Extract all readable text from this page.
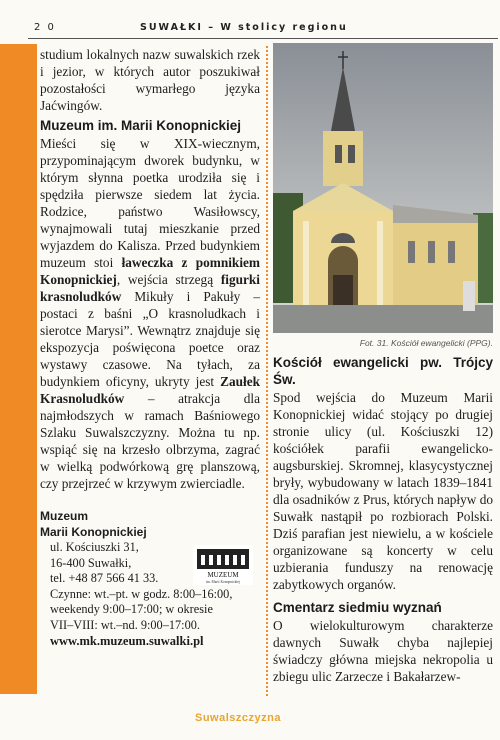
2 0	SUWAŁKI – W stolicy regionu

studium lokalnych nazw suwalskich rzek i jezior, w których autor poszukiwał pozostałości wymarłego języka Jaćwingów.

Muzeum im. Marii Konopnickiej

Mieści się w XIX-wiecznym, przypominającym dworek budynku, w którym słynna poetka urodziła się i spędziła pierwsze siedem lat życia. Rodzice, państwo Wasiłowscy, wynajmowali tutaj mieszkanie przed wyjazdem do Kalisza. Przed budynkiem muzeum stoi ławeczka z pomnikiem Konopnickiej, wejścia strzegą figurki krasnoludków Mikuły i Pakuły – postaci z baśni „O krasnoludkach i sierotce Marysi”. Wewnątrz znajduje się ekspozycja poświęcona poetce oraz wystawy czasowe. Na tyłach, za budynkiem oficyny, ukryty jest Zaułek Krasnoludków – atrakcja dla najmłodszych w ramach Baśniowego Szlaku Suwalszczyzny. Można tu np. wspiąć się na krzesło olbrzyma, zagrać w wielką podwórkową grę planszową, czy przejrzeć w krzywym zwierciadle.

Muzeum
Marii Konopnickiej
ul. Kościuszki 31,
16-400 Suwałki,
tel. +48 87 566 41 33.
Czynne: wt.–pt. w godz. 8:00–16:00,
weekendy 9:00–17:00; w okresie
VII–VIII: wt.–nd. 9:00–17:00.
www.mk.muzeum.suwalki.pl
MUZEUM
im. Marii Konopnickiej
Fot. 31. Kościół ewangelicki (PPG).
Kościół ewangelicki pw. Trójcy Św.
Spod wejścia do Muzeum Marii Konopnickiej widać stojący po drugiej stronie ulicy (ul. Kościuszki 12) kościółek parafii ewangelicko-augsburskiej. Skromnej, klasycystycznej bryły, wybudowany w latach 1839–1841 dla osadników z Prus, których napływ do Suwałk nastąpił po rozbiorach Polski. Dziś parafian jest niewielu, a w kościele organizowane są koncerty w celu uzbierania funduszy na renowację zabytkowych organów.
Cmentarz siedmiu wyznań
O wielokulturowym charakterze dawnych Suwałk chyba najlepiej świadczy główna miejska nekropolia u zbiegu ulic Zarzecze i Bakałarzew-
Suwalszczyzna
